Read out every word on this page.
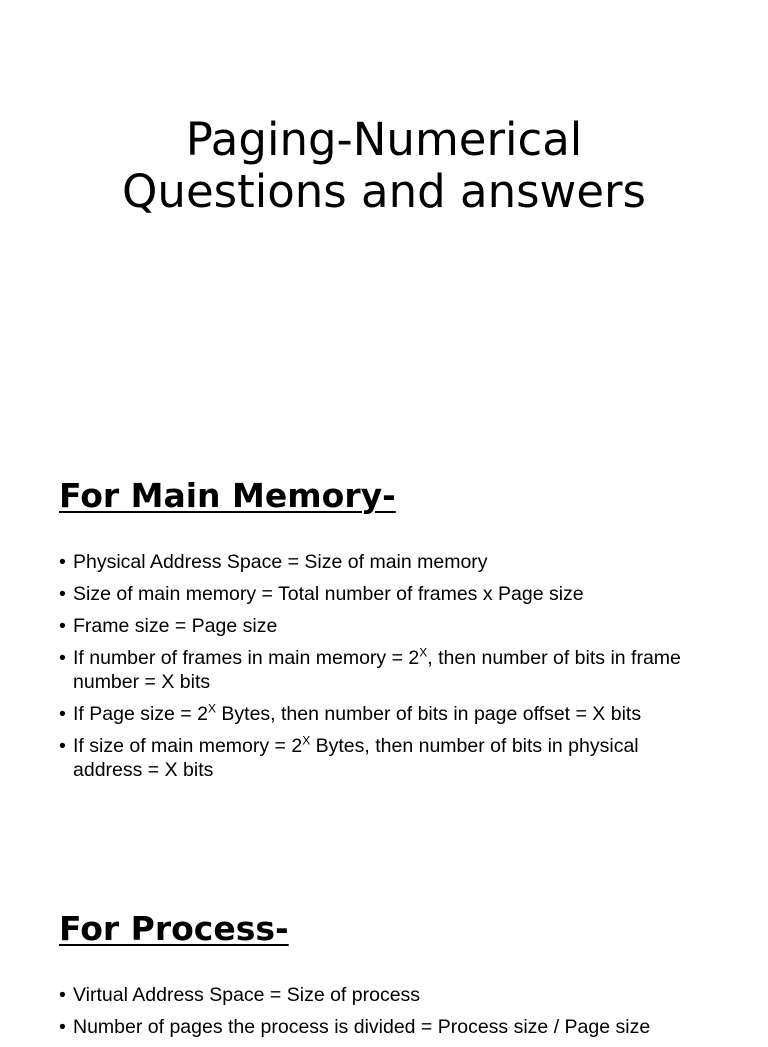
Paging-Numerical
Questions and answers
For Main Memory-
• Physical Address Space = Size of main memory
• Size of main memory = Total number of frames x Page size
• Frame size = Page size
• If number of frames in main memory = $2^X$, then number of bits in frame number = X bits
• If Page size = $2^X$ Bytes, then number of bits in page offset = X bits
• If size of main memory = $2^X$ Bytes, then number of bits in physical address = X bits
For Process-
• Virtual Address Space = Size of process
• Number of pages the process is divided = Process size / Page size
